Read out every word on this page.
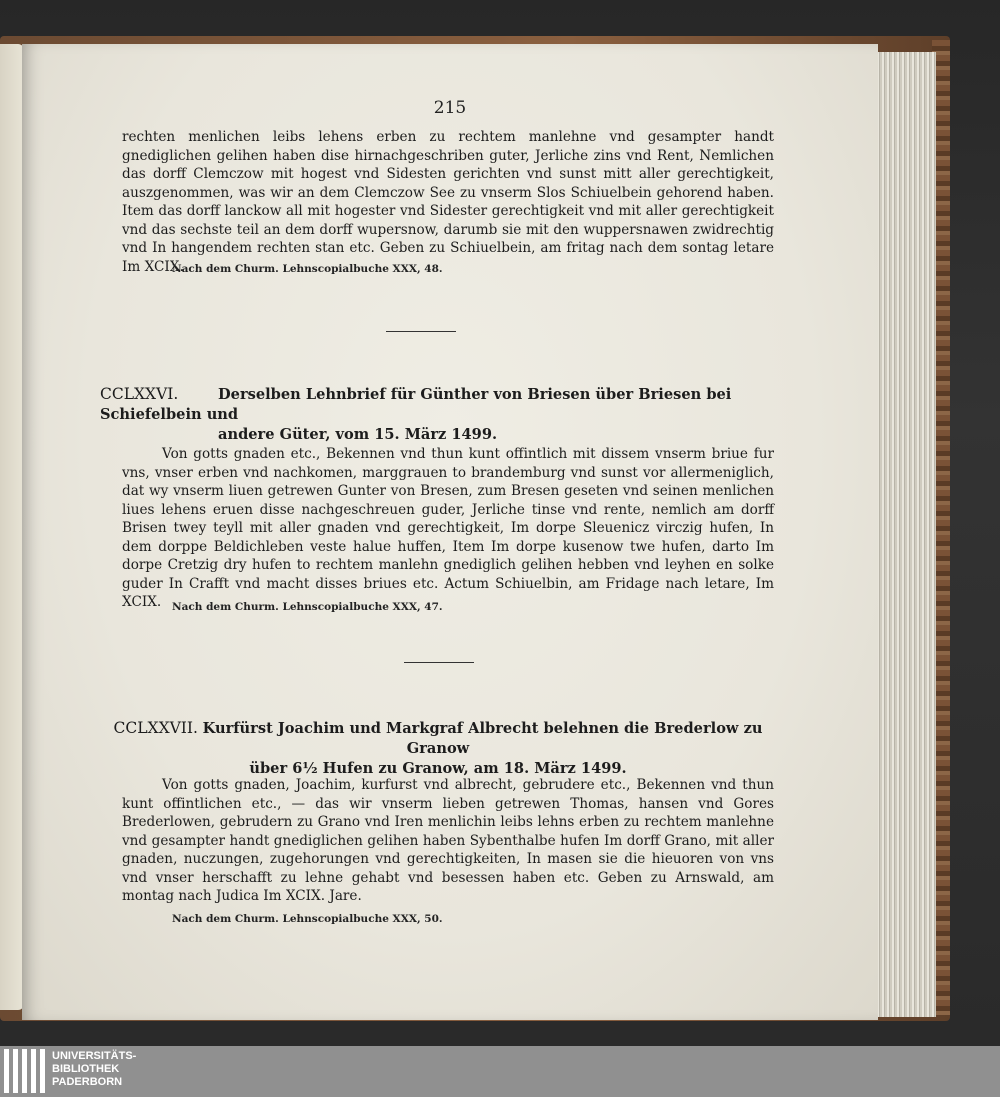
215

rechten menlichen leibs lehens erben zu rechtem manlehne vnd gesampter handt gnediglichen gelihen haben dise hirnachgeschriben guter, Jerliche zins vnd Rent, Nemlichen das dorff Clemczow mit hogest vnd Sidesten gerichten vnd sunst mitt aller gerechtigkeit, auszgenommen, was wir an dem Clemczow See zu vnserm Slos Schiuelbein gehorend haben. Item das dorff lanckow all mit hogester vnd Sidester gerechtigkeit vnd mit aller gerechtigkeit vnd das sechste teil an dem dorff wupersnow, darumb sie mit den wuppersnawen zwidrechtig vnd In hangendem rechten stan etc. Geben zu Schiuelbein, am fritag nach dem sontag letare Im XCIX.

Nach dem Churm. Lehnscopialbuche XXX, 48.
CCLXXVI.	Derselben Lehnbrief für Günther von Briesen über Briesen bei Schiefelbein und
andere Güter, vom 15. März 1499.

Von gotts gnaden etc., Bekennen vnd thun kunt offintlich mit dissem vnserm briue fur vns, vnser erben vnd nachkomen, marggrauen to brandemburg vnd sunst vor allermeniglich, dat wy vnserm liuen getrewen Gunter von Bresen, zum Bresen geseten vnd seinen menlichen liues lehens eruen disse nachgeschreuen guder, Jerliche tinse vnd rente, nemlich am dorff Brisen twey teyll mit aller gnaden vnd gerechtigkeit, Im dorpe Sleuenicz virczig hufen, In dem dorppe Beldichleben veste halue huffen, Item Im dorpe kusenow twe hufen, darto Im dorpe Cretzig dry hufen to rechtem manlehn gnediglich gelihen hebben vnd leyhen en solke guder In Crafft vnd macht disses briues etc. Actum Schiuelbin, am Fridage nach letare, Im XCIX.	Nach dem Churm. Lehnscopialbuche XXX, 47.
CCLXXVII. Kurfürst Joachim und Markgraf Albrecht belehnen die Brederlow zu Granow
über 6½ Hufen zu Granow, am 18. März 1499.

Von gotts gnaden, Joachim, kurfurst vnd albrecht, gebrudere etc., Bekennen vnd thun kunt offintlichen etc., — das wir vnserm lieben getrewen Thomas, hansen vnd Gores Brederlowen, gebrudern zu Grano vnd Iren menlichin leibs lehns erben zu rechtem manlehne vnd gesampter handt gnediglichen gelihen haben Sybenthalbe hufen Im dorff Grano, mit aller gnaden, nuczungen, zugehorungen vnd gerechtigkeiten, In masen sie die hieuoren von vns vnd vnser herschafft zu lehne gehabt vnd besessen haben etc. Geben zu Arnswald, am montag nach Judica Im XCIX. Jare.

Nach dem Churm. Lehnscopialbuche XXX, 50.
UNIVERSITÄTS-
BIBLIOTHEK
PADERBORN
